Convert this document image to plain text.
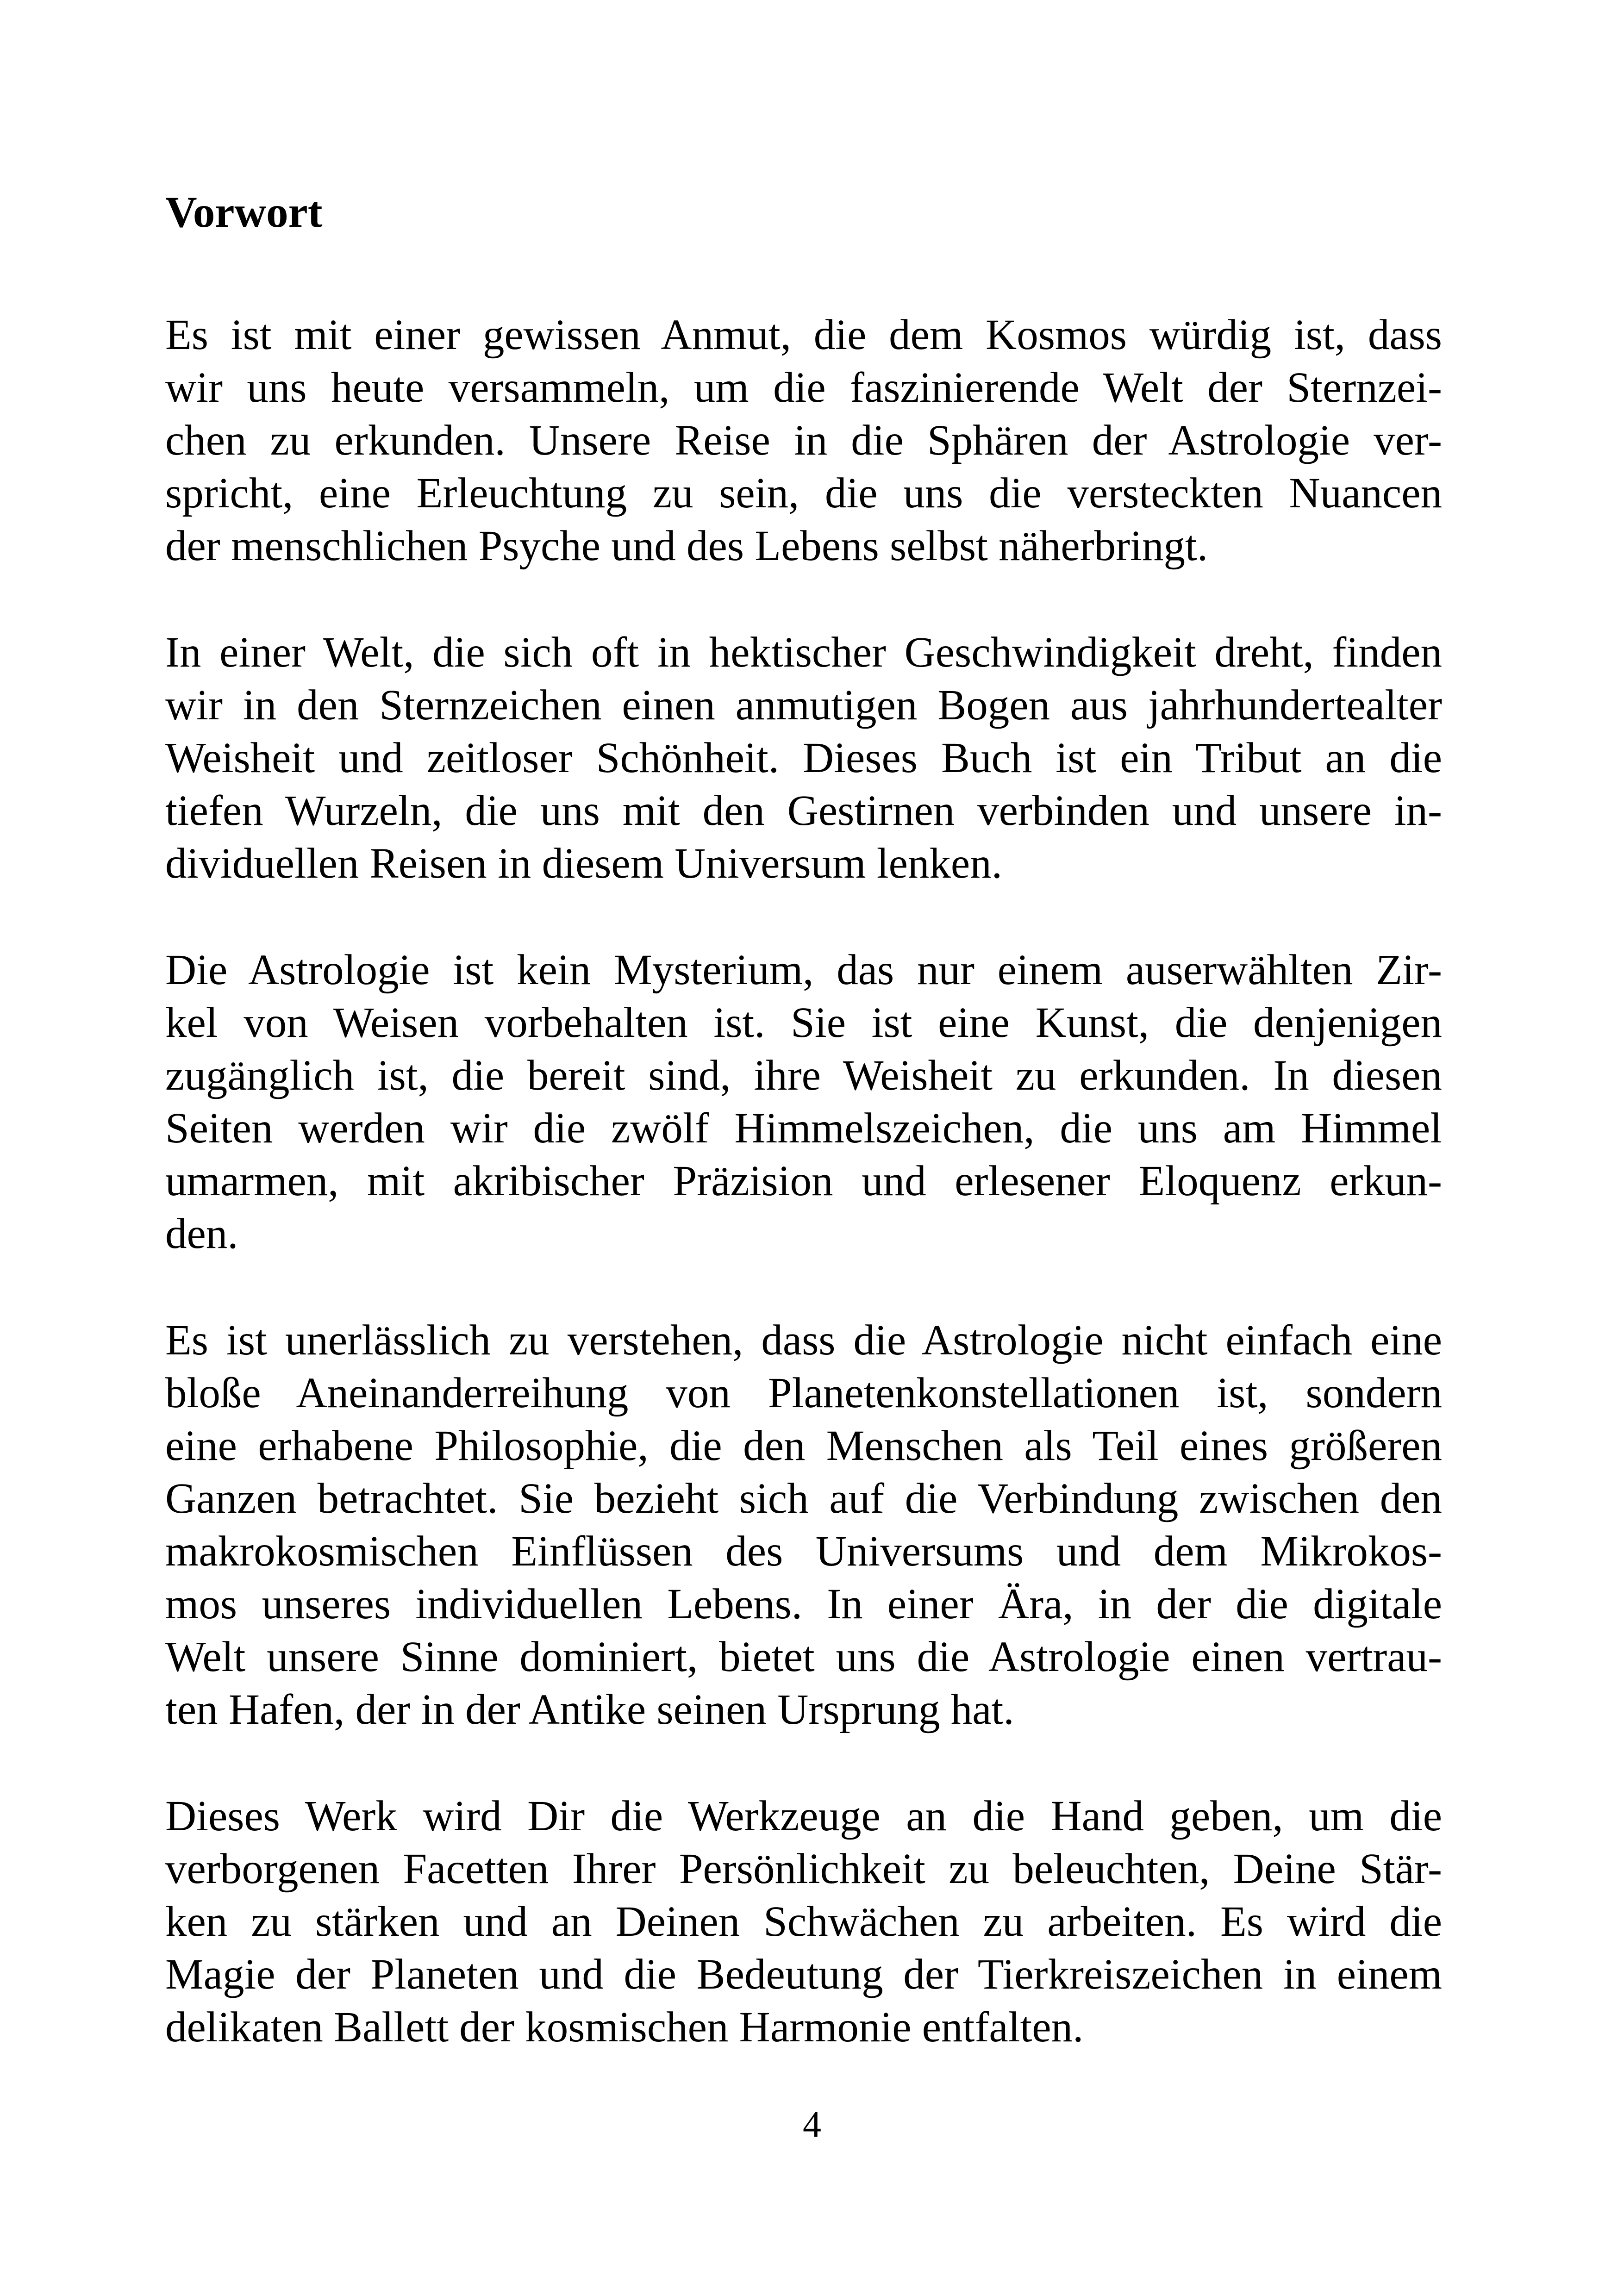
Vorwort

Es ist mit einer gewissen Anmut, die dem Kosmos würdig ist, dass
wir uns heute versammeln, um die faszinierende Welt der Sternzei-
chen zu erkunden. Unsere Reise in die Sphären der Astrologie ver-
spricht, eine Erleuchtung zu sein, die uns die versteckten Nuancen
der menschlichen Psyche und des Lebens selbst näherbringt.

In einer Welt, die sich oft in hektischer Geschwindigkeit dreht, finden
wir in den Sternzeichen einen anmutigen Bogen aus jahrhundertealter
Weisheit und zeitloser Schönheit. Dieses Buch ist ein Tribut an die
tiefen Wurzeln, die uns mit den Gestirnen verbinden und unsere in-
dividuellen Reisen in diesem Universum lenken.

Die Astrologie ist kein Mysterium, das nur einem auserwählten Zir-
kel von Weisen vorbehalten ist. Sie ist eine Kunst, die denjenigen
zugänglich ist, die bereit sind, ihre Weisheit zu erkunden. In diesen
Seiten werden wir die zwölf Himmelszeichen, die uns am Himmel
umarmen, mit akribischer Präzision und erlesener Eloquenz erkun-
den.

Es ist unerlässlich zu verstehen, dass die Astrologie nicht einfach eine
bloße Aneinanderreihung von Planetenkonstellationen ist, sondern
eine erhabene Philosophie, die den Menschen als Teil eines größeren
Ganzen betrachtet. Sie bezieht sich auf die Verbindung zwischen den
makrokosmischen Einflüssen des Universums und dem Mikrokos-
mos unseres individuellen Lebens. In einer Ära, in der die digitale
Welt unsere Sinne dominiert, bietet uns die Astrologie einen vertrau-
ten Hafen, der in der Antike seinen Ursprung hat.

Dieses Werk wird Dir die Werkzeuge an die Hand geben, um die
verborgenen Facetten Ihrer Persönlichkeit zu beleuchten, Deine Stär-
ken zu stärken und an Deinen Schwächen zu arbeiten. Es wird die
Magie der Planeten und die Bedeutung der Tierkreiszeichen in einem
delikaten Ballett der kosmischen Harmonie entfalten.

4
